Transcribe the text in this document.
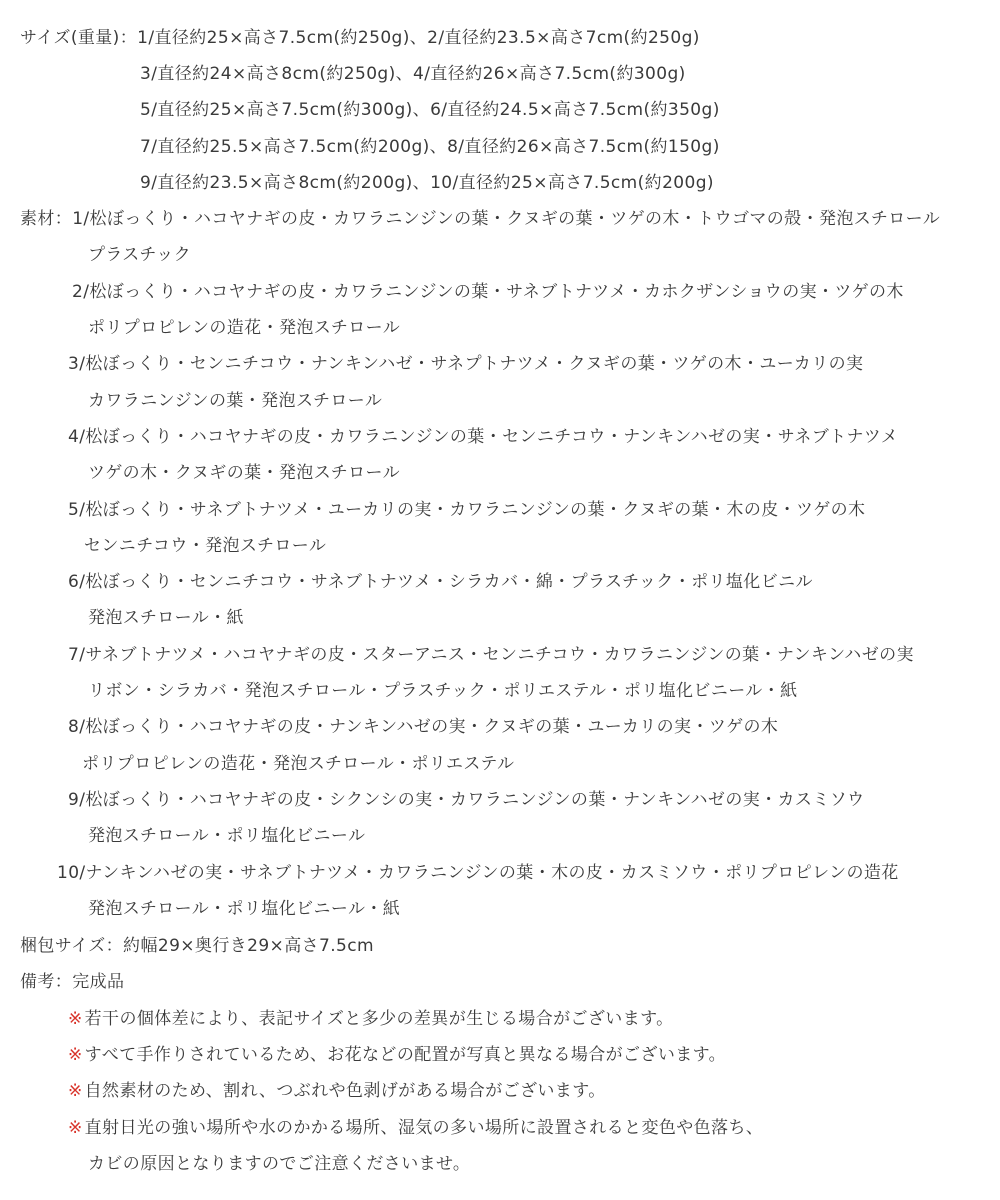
サイズ(重量)：1/直径約25×高さ7.5cm(約250g)、2/直径約23.5×高さ7cm(約250g)
3/直径約24×高さ8cm(約250g)、4/直径約26×高さ7.5cm(約300g)
5/直径約25×高さ7.5cm(約300g)、6/直径約24.5×高さ7.5cm(約350g)
7/直径約25.5×高さ7.5cm(約200g)、8/直径約26×高さ7.5cm(約150g)
9/直径約23.5×高さ8cm(約200g)、10/直径約25×高さ7.5cm(約200g)
素材：1/松ぼっくり・ハコヤナギの皮・カワラニンジンの葉・クヌギの葉・ツゲの木・トウゴマの殻・発泡スチロール
プラスチック
2/松ぼっくり・ハコヤナギの皮・カワラニンジンの葉・サネブトナツメ・カホクザンショウの実・ツゲの木
ポリプロピレンの造花・発泡スチロール
3/松ぼっくり・センニチコウ・ナンキンハゼ・サネプトナツメ・クヌギの葉・ツゲの木・ユーカリの実
カワラニンジンの葉・発泡スチロール
4/松ぼっくり・ハコヤナギの皮・カワラニンジンの葉・センニチコウ・ナンキンハゼの実・サネブトナツメ
ツゲの木・クヌギの葉・発泡スチロール
5/松ぼっくり・サネブトナツメ・ユーカリの実・カワラニンジンの葉・クヌギの葉・木の皮・ツゲの木
センニチコウ・発泡スチロール
6/松ぼっくり・センニチコウ・サネブトナツメ・シラカバ・綿・プラスチック・ポリ塩化ビニル
発泡スチロール・紙
7/サネブトナツメ・ハコヤナギの皮・スターアニス・センニチコウ・カワラニンジンの葉・ナンキンハゼの実
リボン・シラカバ・発泡スチロール・プラスチック・ポリエステル・ポリ塩化ビニール・紙
8/松ぼっくり・ハコヤナギの皮・ナンキンハゼの実・クヌギの葉・ユーカリの実・ツゲの木
ポリプロピレンの造花・発泡スチロール・ポリエステル
9/松ぼっくり・ハコヤナギの皮・シクンシの実・カワラニンジンの葉・ナンキンハゼの実・カスミソウ
発泡スチロール・ポリ塩化ビニール
10/ナンキンハゼの実・サネブトナツメ・カワラニンジンの葉・木の皮・カスミソウ・ポリプロピレンの造花
発泡スチロール・ポリ塩化ビニール・紙
梱包サイズ：約幅29×奥行き29×高さ7.5cm
備考：完成品
※ 若干の個体差により、表記サイズと多少の差異が生じる場合がございます。
※ すべて手作りされているため、お花などの配置が写真と異なる場合がございます。
※ 自然素材のため、割れ、つぶれや色剥げがある場合がございます。
※ 直射日光の強い場所や水のかかる場所、湿気の多い場所に設置されると変色や色落ち、
カビの原因となりますのでご注意くださいませ。
